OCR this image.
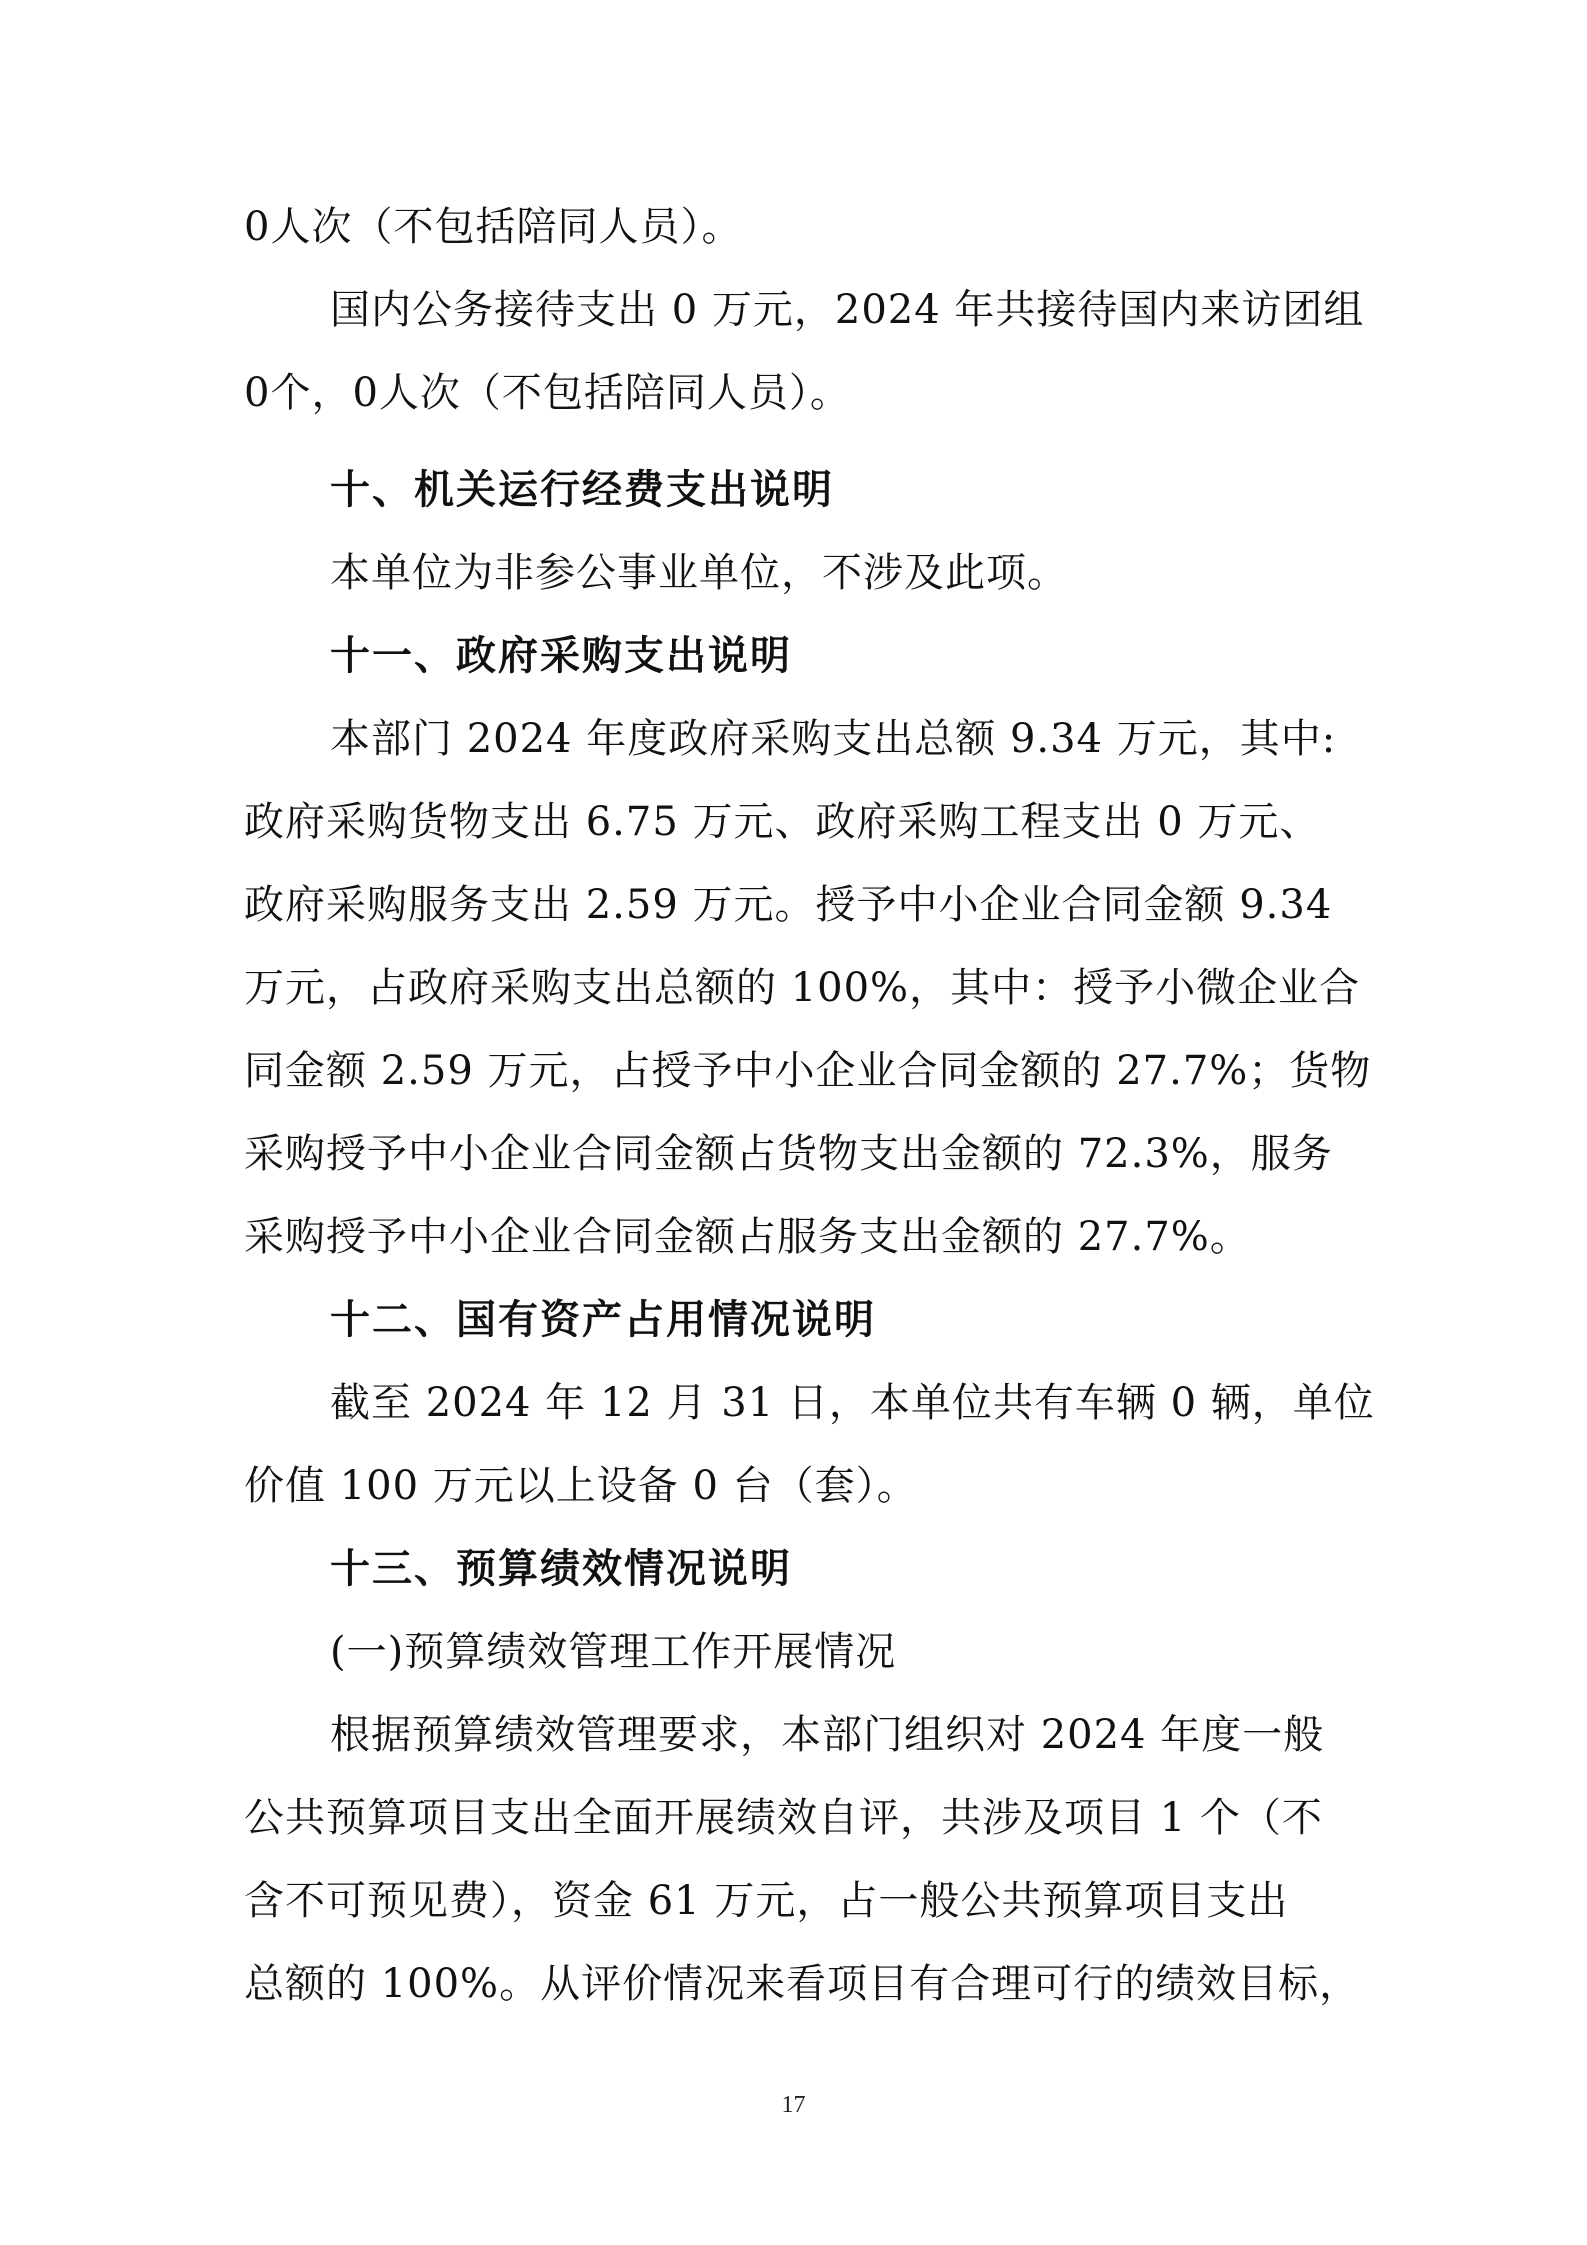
0人次（不包括陪同人员）。
国内公务接待支出 0 万元，2024 年共接待国内来访团组
0个，0人次（不包括陪同人员）。
十、机关运行经费支出说明
本单位为非参公事业单位，不涉及此项。
十一、政府采购支出说明
本部门 2024 年度政府采购支出总额 9.34 万元，其中:
政府采购货物支出 6.75 万元、政府采购工程支出 0 万元、
政府采购服务支出 2.59 万元。授予中小企业合同金额 9.34
万元，占政府采购支出总额的 100%，其中：授予小微企业合
同金额 2.59 万元，占授予中小企业合同金额的 27.7%；货物
采购授予中小企业合同金额占货物支出金额的 72.3%，服务
采购授予中小企业合同金额占服务支出金额的 27.7%。
十二、国有资产占用情况说明
截至 2024 年 12 月 31 日，本单位共有车辆 0 辆，单位
价值 100 万元以上设备 0 台（套）。
十三、预算绩效情况说明
(一)预算绩效管理工作开展情况
根据预算绩效管理要求，本部门组织对 2024 年度一般
公共预算项目支出全面开展绩效自评，共涉及项目 1 个（不
含不可预见费），资金 61 万元，占一般公共预算项目支出
总额的 100%。从评价情况来看项目有合理可行的绩效目标，
17
